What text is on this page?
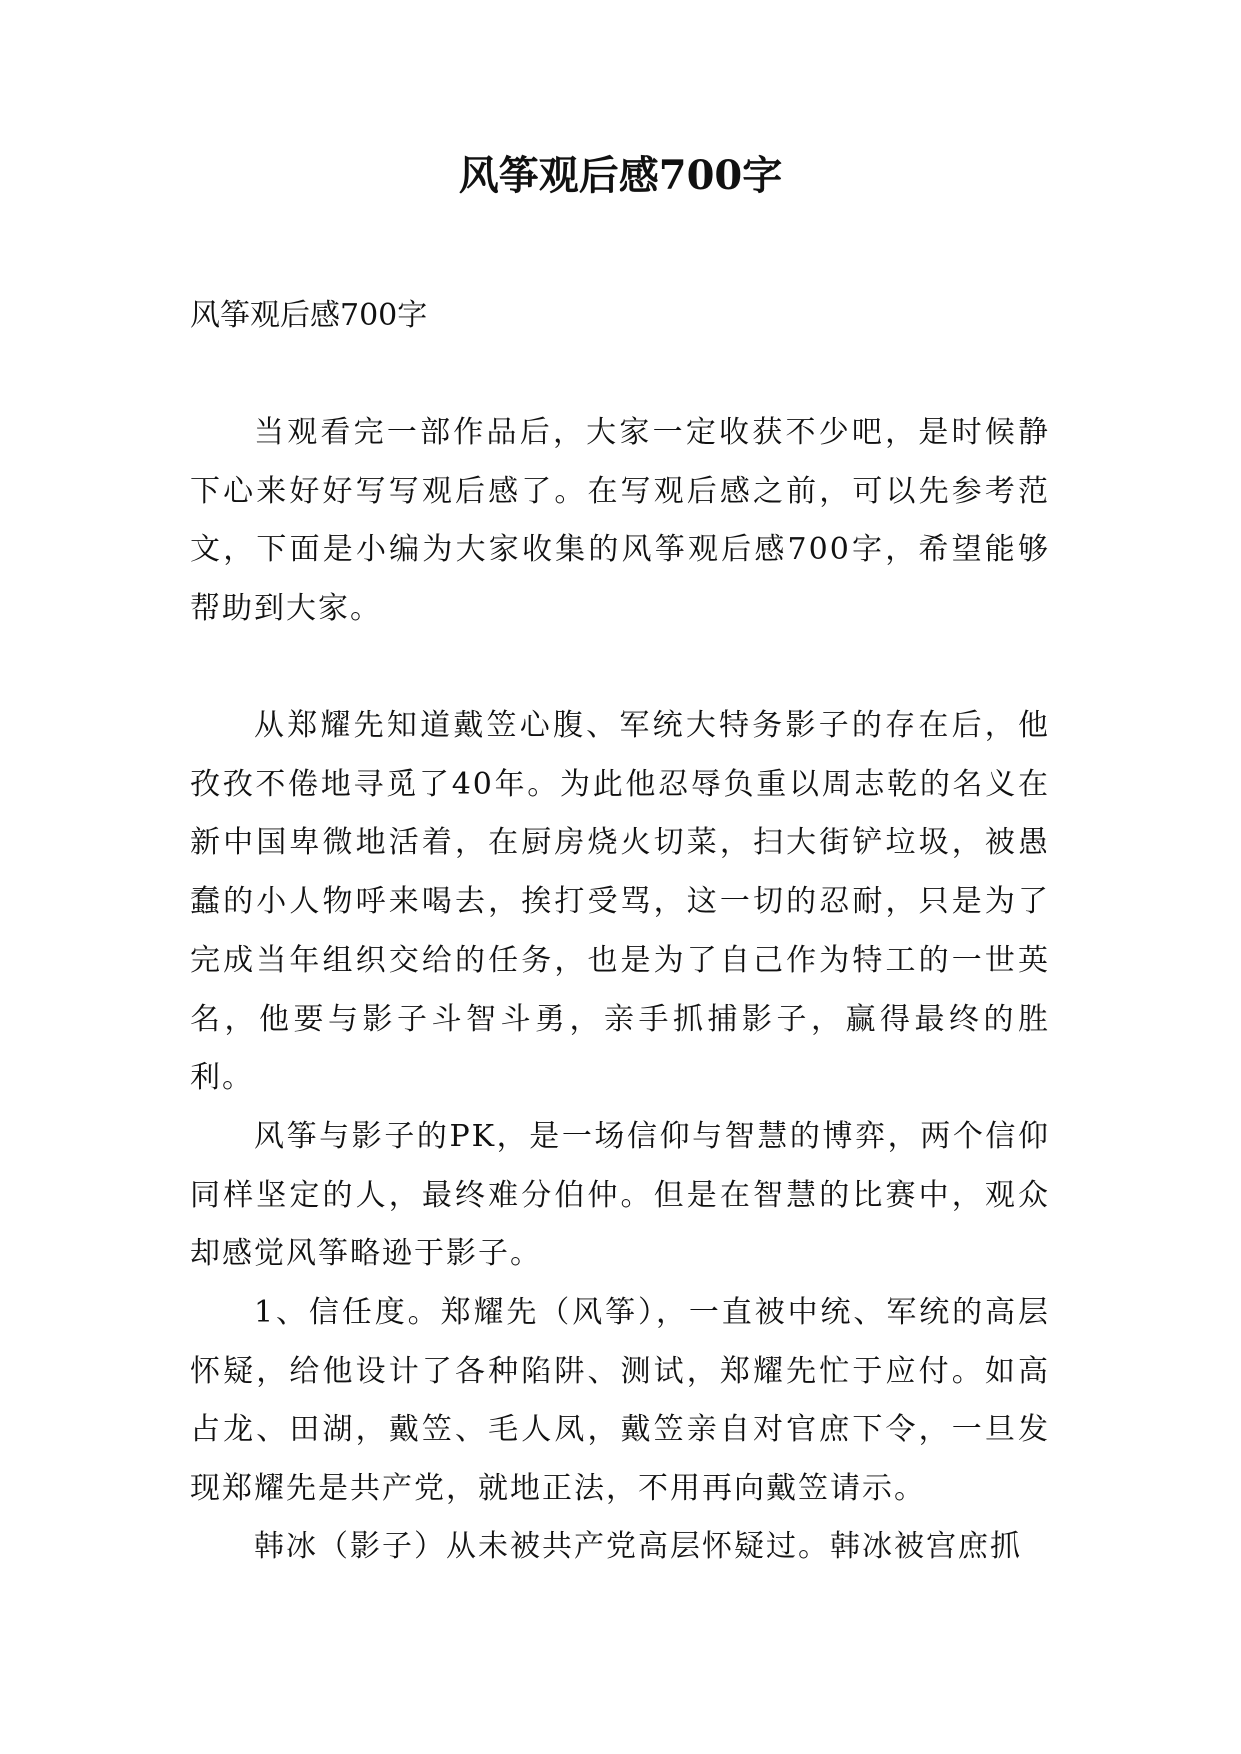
风筝观后感700字

风筝观后感700字

当观看完一部作品后，大家一定收获不少吧，是时候静下心来好好写写观后感了。在写观后感之前，可以先参考范文，下面是小编为大家收集的风筝观后感700字，希望能够帮助到大家。

从郑耀先知道戴笠心腹、军统大特务影子的存在后，他孜孜不倦地寻觅了40年。为此他忍辱负重以周志乾的名义在新中国卑微地活着，在厨房烧火切菜，扫大街铲垃圾，被愚蠢的小人物呼来喝去，挨打受骂，这一切的忍耐，只是为了完成当年组织交给的任务，也是为了自己作为特工的一世英名，他要与影子斗智斗勇，亲手抓捕影子，赢得最终的胜利。

风筝与影子的PK，是一场信仰与智慧的博弈，两个信仰同样坚定的人，最终难分伯仲。但是在智慧的比赛中，观众却感觉风筝略逊于影子。

1、信任度。郑耀先（风筝），一直被中统、军统的高层怀疑，给他设计了各种陷阱、测试，郑耀先忙于应付。如高占龙、田湖，戴笠、毛人凤，戴笠亲自对官庶下令，一旦发现郑耀先是共产党，就地正法，不用再向戴笠请示。

韩冰（影子）从未被共产党高层怀疑过。韩冰被宫庶抓
